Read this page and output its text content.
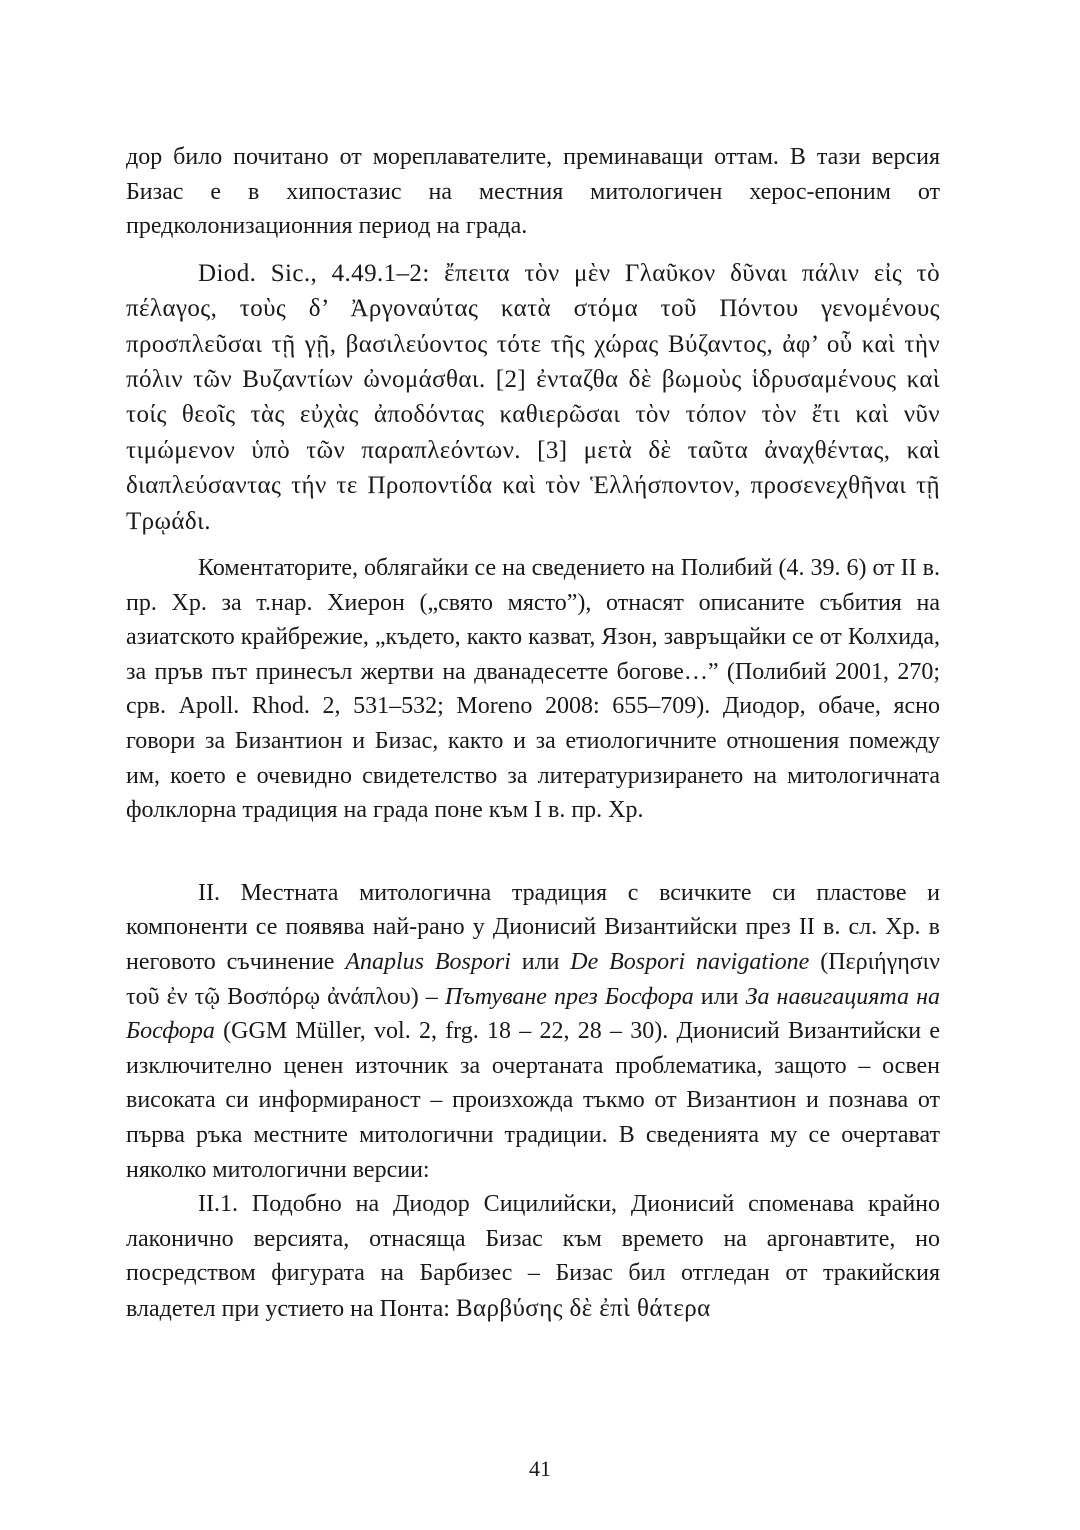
дор било почитано от мореплавателите, преминаващи оттам. В тази версия Бизас е в хипостазис на местния митологичен херос-епоним от предколонизационния период на града.

Diod. Sic., 4.49.1–2: ἔπειτα τὸν μὲν Γλαῦκον δῦναι πάλιν εἰς τὸ πέλαγος, τοὺς δ’ Ἀργοναύτας κατὰ στόμα τοῦ Πόντου γενομένους προσπλεῦσαι τῇ γῇ, βασιλεύοντος τότε τῆς χώρας Βύζαντος, ἀφ’ οὗ καὶ τὴν πόλιν τῶν Βυζαντίων ὠνομάσθαι. [2] ἐνταζθα δὲ βωμοὺς ἱδρυσαμένους καὶ τοίς θεοῖς τὰς εὐχὰς ἀποδόντας καθιερῶσαι τὸν τόπον τὸν ἔτι καὶ νῦν τιμώμενον ὑπὸ τῶν παραπλεόντων. [3] μετὰ δὲ ταῦτα ἀναχθέντας, καὶ διαπλεύσαντας τήν τε Προποντίδα καὶ τὸν Ἑλλήσποντον, προσενεχθῆναι τῇ Τρῳάδι.

Коментаторите, облягайки се на сведението на Полибий (4. 39. 6) от II в. пр. Хр. за т.нар. Хиерон („свято място”), отнасят описаните събития на азиатското крайбрежие, „където, както казват, Язон, завръщайки се от Колхида, за пръв път принесъл жертви на дванадесетте богове…” (Полибий 2001, 270; срв. Apoll. Rhod. 2, 531–532; Moreno 2008: 655–709). Диодор, обаче, ясно говори за Бизантион и Бизас, както и за етиологичните отношения помежду им, което е очевидно свидетелство за литературизирането на митологичната фолклорна традиция на града поне към I в. пр. Хр.

II. Местната митологична традиция с всичките си пластове и компоненти се появява най-рано у Дионисий Византийски през II в. сл. Хр. в неговото съчинение Anaplus Bospori или De Bospori navigatione (Περιήγησιν τοῦ ἐν τῷ Βοσπόρῳ ἀνάπλου) – Пътуване през Босфора или За навигацията на Босфора (GGM Müller, vol. 2, frg. 18 – 22, 28 – 30). Дионисий Византийски е изключително ценен източник за очертаната проблематика, защото – освен високата си информираност – произхожда тъкмо от Византион и познава от първа ръка местните митологични традиции. В сведенията му се очертават няколко митологични версии:

II.1. Подобно на Диодор Сицилийски, Дионисий споменава крайно лаконично версията, отнасяща Бизас към времето на аргонавтите, но посредством фигурата на Барбизес – Бизас бил отгледан от тракийския владетел при устието на Понта: Βαρβύσης δὲ ἐπὶ θάτερα

41
